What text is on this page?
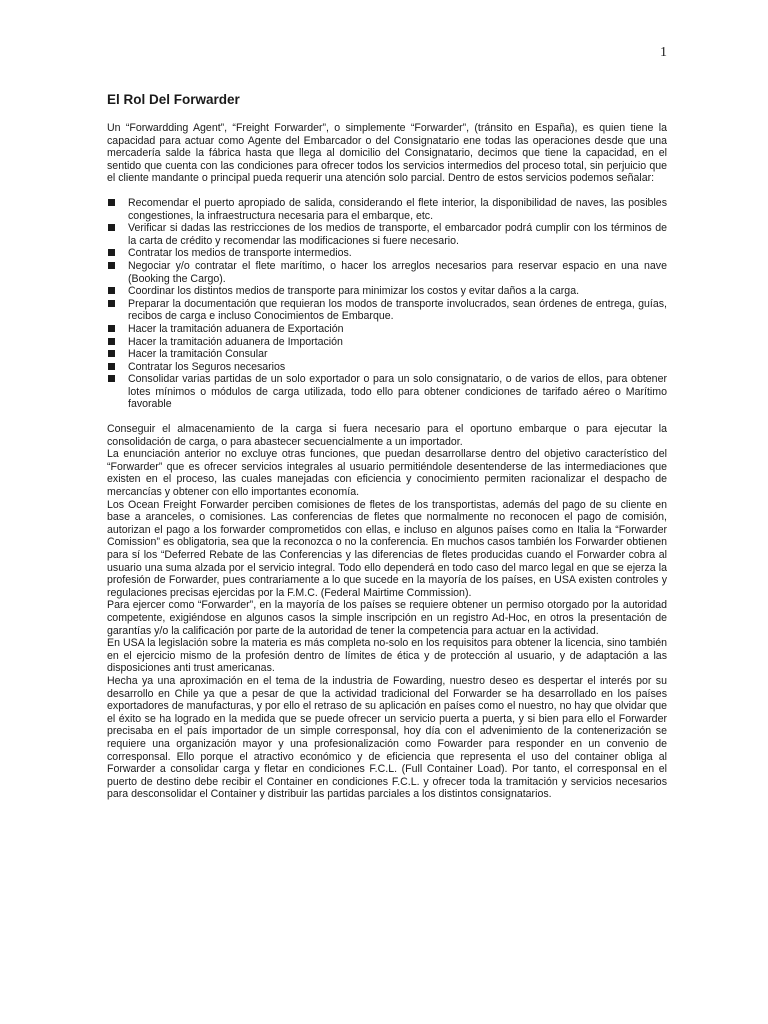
1
El Rol Del Forwarder

Un “Forwardding Agent”, “Freight Forwarder”, o simplemente “Forwarder”, (tránsito en España), es quien tiene la capacidad para actuar como Agente del Embarcador o del Consignatario ene todas las operaciones desde que una mercadería salde la fábrica hasta que llega al domicilio del Consignatario, decimos que tiene la capacidad, en el sentido que cuenta con las condiciones para ofrecer todos los servicios intermedios del proceso total, sin perjuicio que el cliente mandante o principal pueda requerir una atención solo parcial. Dentro de estos servicios podemos señalar:

Recomendar el puerto apropiado de salida, considerando el flete interior, la disponibilidad de naves, las posibles congestiones, la infraestructura necesaria para el embarque, etc.
Verificar si dadas las restricciones de los medios de transporte, el embarcador podrá cumplir con los términos de la carta de crédito y recomendar las modificaciones si fuere necesario.
Contratar los medios de transporte intermedios.
Negociar y/o contratar el flete marítimo, o hacer los arreglos necesarios para reservar espacio en una nave (Booking the Cargo).
Coordinar los distintos medios de transporte para minimizar los costos y evitar daños a la carga.
Preparar la documentación que requieran los modos de transporte involucrados, sean órdenes de entrega, guías, recibos de carga e incluso Conocimientos de Embarque.
Hacer la tramitación aduanera de Exportación
Hacer la tramitación aduanera de Importación
Hacer la tramitación Consular
Contratar los Seguros necesarios
Consolidar varias partidas de un solo exportador o para un solo consignatario, o de varios de ellos, para obtener lotes mínimos o módulos de carga utilizada, todo ello para obtener condiciones de tarifado aéreo o Marítimo favorable

Conseguir el almacenamiento de la carga si fuera necesario para el oportuno embarque o para ejecutar la consolidación de carga, o para abastecer secuencialmente a un importador.

La enunciación anterior no excluye otras funciones, que puedan desarrollarse dentro del objetivo característico del “Forwarder” que es ofrecer servicios integrales al usuario permitiéndole desentenderse de las intermediaciones que existen en el proceso, las cuales manejadas con eficiencia y conocimiento permiten racionalizar el despacho de mercancías y obtener con ello importantes economía.

Los Ocean Freight Forwarder perciben comisiones de fletes de los transportistas, además del pago de su cliente en base a aranceles, o comisiones. Las conferencias de fletes que normalmente no reconocen el pago de comisión, autorizan el pago a los forwarder comprometidos con ellas, e incluso en algunos países como en Italia la “Forwarder Comission” es obligatoria, sea que la reconozca o no la conferencia. En muchos casos también los Forwarder obtienen para sí los “Deferred Rebate de las Conferencias y las diferencias de fletes producidas cuando el Forwarder cobra al usuario una suma alzada por el servicio integral. Todo ello dependerá en todo caso del marco legal en que se ejerza la profesión de Forwarder, pues contrariamente a lo que sucede en la mayoría de los países, en USA existen controles y regulaciones precisas ejercidas por la F.M.C. (Federal Mairtime Commission).

Para ejercer como “Forwarder”, en la mayoría de los países se requiere obtener un permiso otorgado por la autoridad competente, exigiéndose en algunos casos la simple inscripción en un registro Ad-Hoc, en otros la presentación de garantías y/o la calificación por parte de la autoridad de tener la competencia para actuar en la actividad.

En USA la legislación sobre la materia es más completa no-solo en los requisitos para obtener la licencia, sino también en el ejercicio mismo de la profesión dentro de límites de ética y de protección al usuario, y de adaptación a las disposiciones anti trust americanas.

Hecha ya una aproximación en el tema de la industria de Fowarding, nuestro deseo es despertar el interés por su desarrollo en Chile ya que a pesar de que la actividad tradicional del Forwarder se ha desarrollado en los países exportadores de manufacturas, y por ello el retraso de su aplicación en países como el nuestro, no hay que olvidar que el éxito se ha logrado en la medida que se puede ofrecer un servicio puerta a puerta, y si bien para ello el Forwarder precisaba en el país importador de un simple corresponsal, hoy día con el advenimiento de la contenerización se requiere una organización mayor y una profesionalización como Fowarder para responder en un convenio de corresponsal. Ello porque el atractivo económico y de eficiencia que representa el uso del container obliga al Forwarder a consolidar carga y fletar en condiciones F.C.L. (Full Container Load). Por tanto, el corresponsal en el puerto de destino debe recibir el Container en condiciones F.C.L. y ofrecer toda la tramitación y servicios necesarios para desconsolidar el Container y distribuir las partidas parciales a los distintos consignatarios.
